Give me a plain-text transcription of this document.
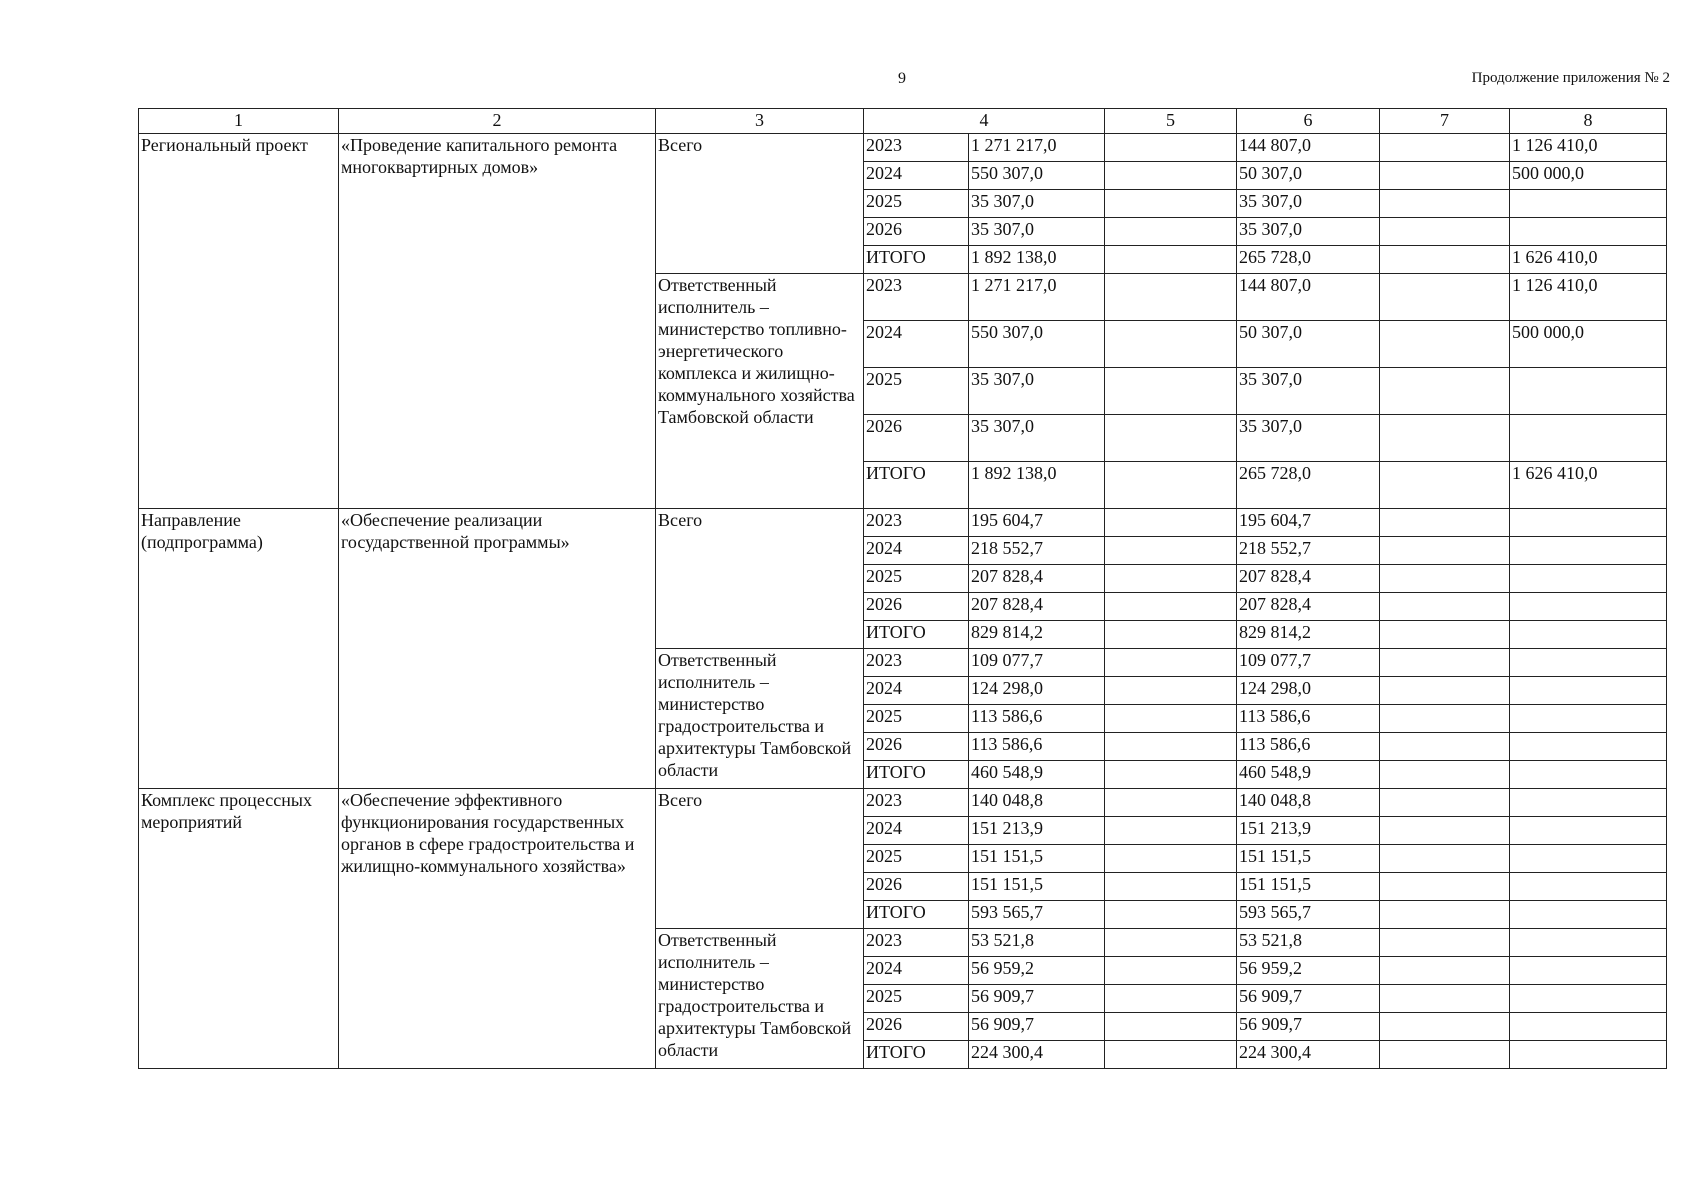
9	Продолжение приложения № 2
1	2	3	4		5	6	7	8
Региональный проект	«Проведение капитального ремонта многоквартирных домов»	Всего	2023	1 271 217,0		144 807,0		1 126 410,0
			2024	550 307,0		50 307,0		500 000,0
			2025	35 307,0		35 307,0		
			2026	35 307,0		35 307,0		
			ИТОГО	1 892 138,0		265 728,0		1 626 410,0
		Ответственный исполнитель – министерство топливно-энергетического комплекса и жилищно-коммунального хозяйства Тамбовской области	2023	1 271 217,0		144 807,0		1 126 410,0
			2024	550 307,0		50 307,0		500 000,0
			2025	35 307,0		35 307,0		
			2026	35 307,0		35 307,0		
			ИТОГО	1 892 138,0		265 728,0		1 626 410,0
Направление (подпрограмма)	«Обеспечение реализации государственной программы»	Всего	2023	195 604,7		195 604,7		
			2024	218 552,7		218 552,7		
			2025	207 828,4		207 828,4		
			2026	207 828,4		207 828,4		
			ИТОГО	829 814,2		829 814,2		
		Ответственный исполнитель – министерство градостроительства и архитектуры Тамбовской области	2023	109 077,7		109 077,7		
			2024	124 298,0		124 298,0		
			2025	113 586,6		113 586,6		
			2026	113 586,6		113 586,6		
			ИТОГО	460 548,9		460 548,9		
Комплекс процессных мероприятий	«Обеспечение эффективного функционирования государственных органов в сфере градостроительства и жилищно-коммунального хозяйства»	Всего	2023	140 048,8		140 048,8		
			2024	151 213,9		151 213,9		
			2025	151 151,5		151 151,5		
			2026	151 151,5		151 151,5		
			ИТОГО	593 565,7		593 565,7		
		Ответственный исполнитель – министерство градостроительства и архитектуры Тамбовской области	2023	53 521,8		53 521,8		
			2024	56 959,2		56 959,2		
			2025	56 909,7		56 909,7		
			2026	56 909,7		56 909,7		
			ИТОГО	224 300,4		224 300,4		
